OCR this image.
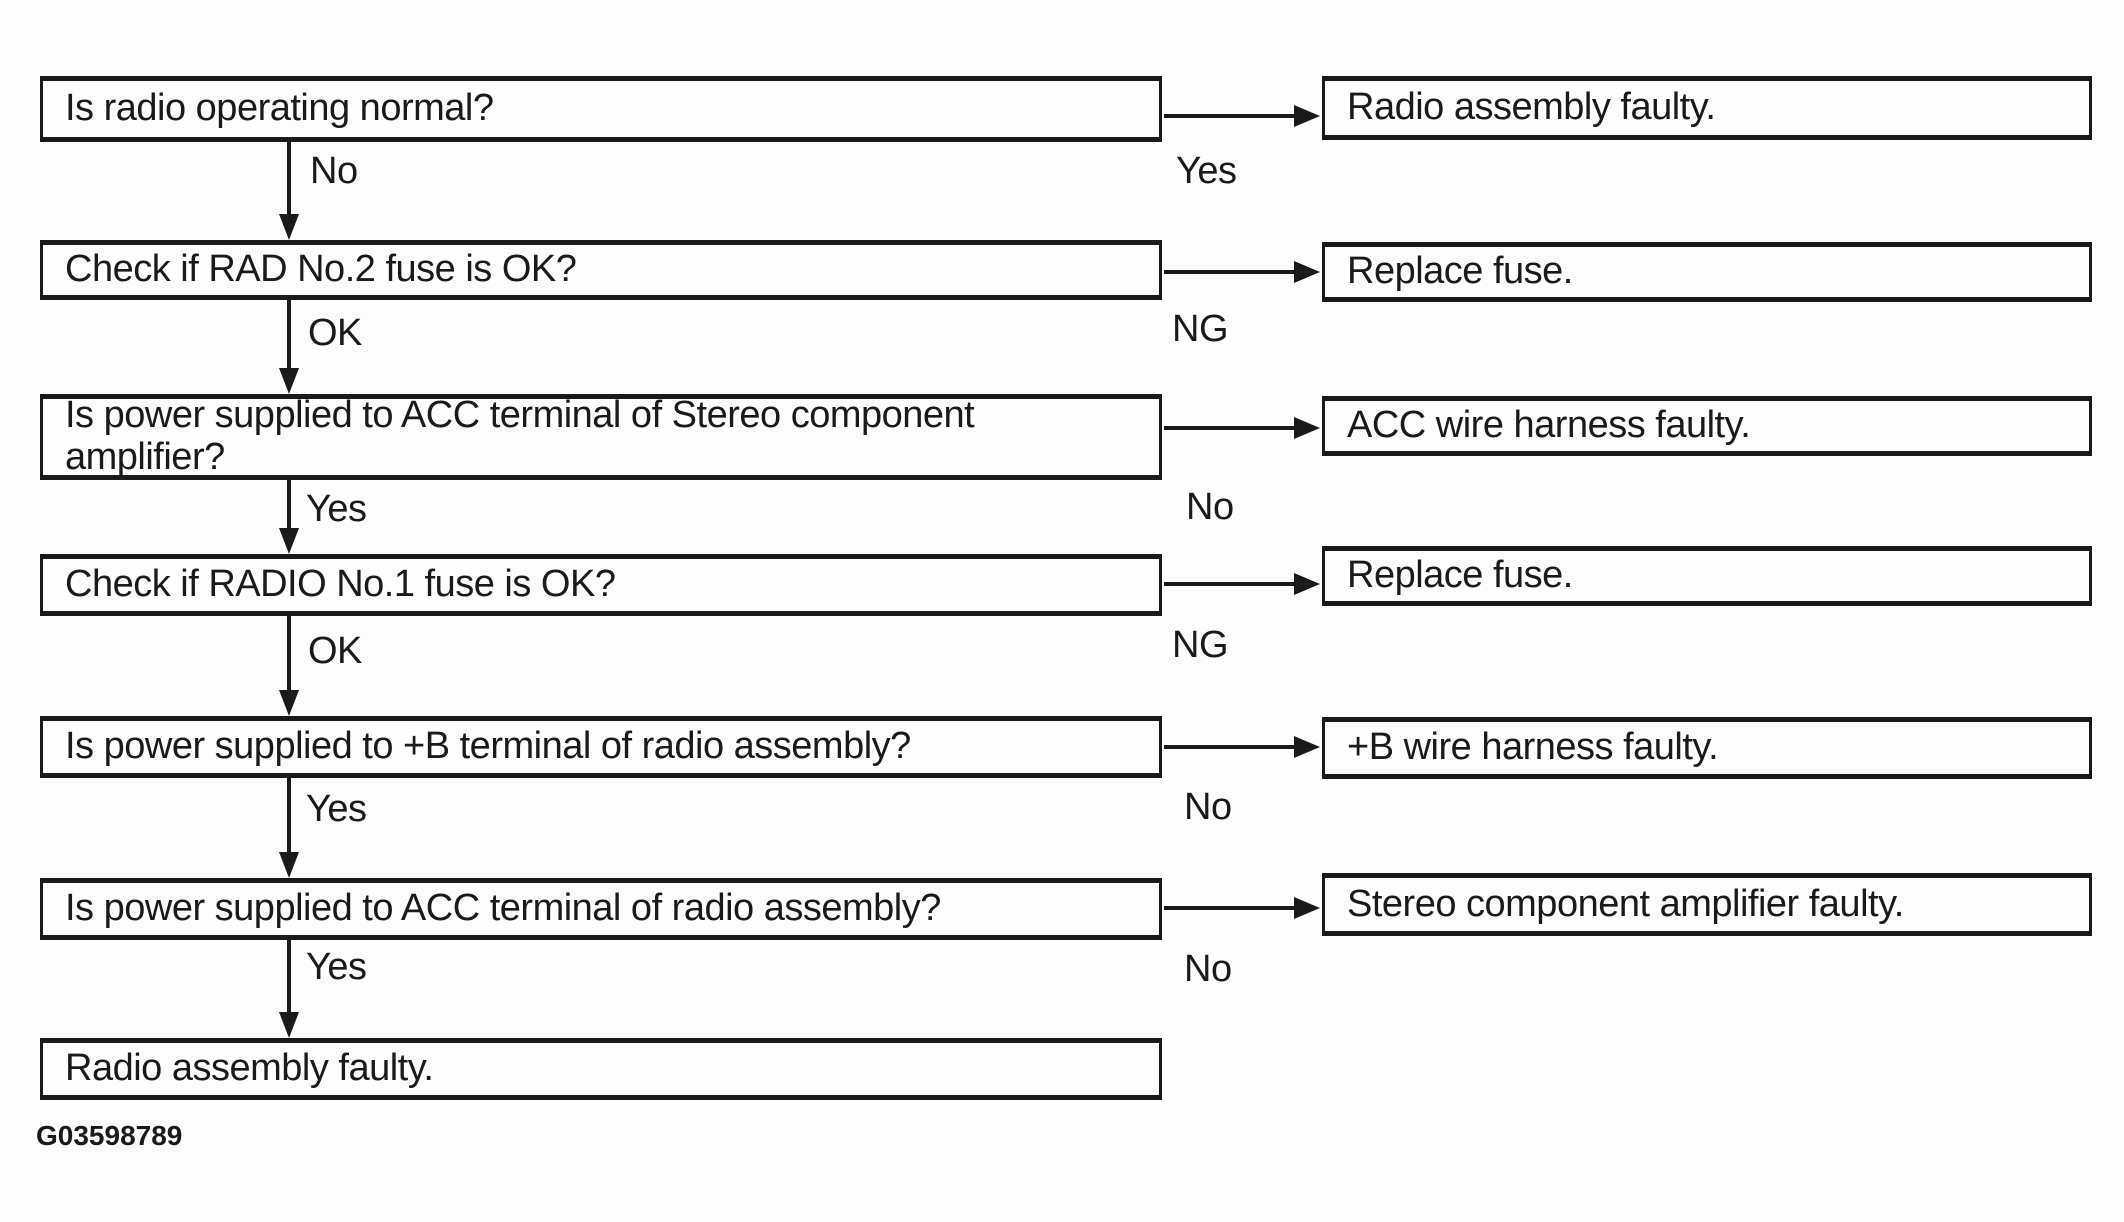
Is radio operating normal?	Radio assembly faulty.
Yes
No
Check if RAD No.2 fuse is OK?	Replace fuse.
NG
OK
Is power supplied to ACC terminal of Stereo component amplifier?
ACC wire harness faulty.
No
Yes
Check if RADIO No.1 fuse is OK?	Replace fuse.
NG
OK
Is power supplied to +B terminal of radio assembly?	+B wire harness faulty.
No
Yes
Is power supplied to ACC terminal of radio assembly?	Stereo component amplifier faulty.
No
Yes
Radio assembly faulty.
G03598789
